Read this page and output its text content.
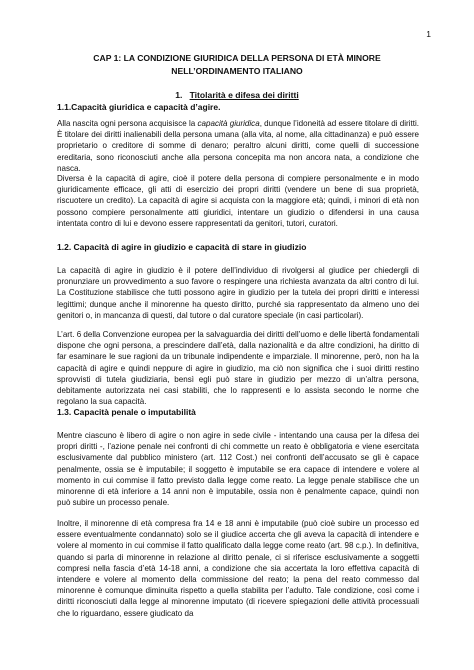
1
CAP 1: LA CONDIZIONE GIURIDICA DELLA PERSONA DI ETÀ MINORE NELL’ORDINAMENTO ITALIANO
1. Titolarità e difesa dei diritti
1.1.Capacità giuridica e capacità d’agire.

Alla nascita ogni persona acquisisce la capacità giuridica, dunque l’idoneità ad essere titolare di diritti. È titolare dei diritti inalienabili della persona umana (alla vita, al nome, alla cittadinanza) e può essere proprietario o creditore di somme di denaro; peraltro alcuni diritti, come quelli di successione ereditaria, sono riconosciuti anche alla persona concepita ma non ancora nata, a condizione che nasca.

Diversa è la capacità di agire, cioè il potere della persona di compiere personalmente e in modo giuridicamente efficace, gli atti di esercizio dei propri diritti (vendere un bene di sua proprietà, riscuotere un credito). La capacità di agire si acquista con la maggiore età; quindi, i minori di età non possono compiere personalmente atti giuridici, intentare un giudizio o difendersi in una causa intentata contro di lui e devono essere rappresentati da genitori, tutori, curatori.

1.2. Capacità di agire in giudizio e capacità di stare in giudizio

La capacità di agire in giudizio è il potere dell’individuo di rivolgersi al giudice per chiedergli di pronunziare un provvedimento a suo favore o respingere una richiesta avanzata da altri contro di lui. La Costituzione stabilisce che tutti possono agire in giudizio per la tutela dei propri diritti e interessi legittimi; dunque anche il minorenne ha questo diritto, purché sia rappresentato da almeno uno dei genitori o, in mancanza di questi, dal tutore o dal curatore speciale (in casi particolari).

L’art. 6 della Convenzione europea per la salvaguardia dei diritti dell’uomo e delle libertà fondamentali dispone che ogni persona, a prescindere dall’età, dalla nazionalità e da altre condizioni, ha diritto di far esaminare le sue ragioni da un tribunale indipendente e imparziale. Il minorenne, però, non ha la capacità di agire e quindi neppure di agire in giudizio, ma ciò non significa che i suoi diritti restino sprovvisti di tutela giudiziaria, bensì egli può stare in giudizio per mezzo di un’altra persona, debitamente autorizzata nei casi stabiliti, che lo rappresenti e lo assista secondo le norme che regolano la sua capacità.

1.3. Capacità penale o imputabilità

Mentre ciascuno è libero di agire o non agire in sede civile - intentando una causa per la difesa dei propri diritti -, l’azione penale nei confronti di chi commette un reato è obbligatoria e viene esercitata esclusivamente dal pubblico ministero (art. 112 Cost.) nei confronti dell’accusato se gli è capace penalmente, ossia se è imputabile; il soggetto è imputabile se era capace di intendere e volere al momento in cui commise il fatto previsto dalla legge come reato. La legge penale stabilisce che un minorenne di età inferiore a 14 anni non è imputabile, ossia non è penalmente capace, quindi non può subire un processo penale.

Inoltre, il minorenne di età compresa fra 14 e 18 anni è imputabile (può cioè subire un processo ed essere eventualmente condannato) solo se il giudice accerta che gli aveva la capacità di intendere e volere al momento in cui commise il fatto qualificato dalla legge come reato (art. 98 c.p.). In definitiva, quando si parla di minorenne in relazione al diritto penale, ci si riferisce esclusivamente a soggetti compresi nella fascia d’età 14-18 anni, a condizione che sia accertata la loro effettiva capacità di intendere e volere al momento della commissione del reato; la pena del reato commesso dal minorenne è comunque diminuita rispetto a quella stabilita per l’adulto. Tale condizione, così come i diritti riconosciuti dalla legge al minorenne imputato (di ricevere spiegazioni delle attività processuali che lo riguardano, essere giudicato da
